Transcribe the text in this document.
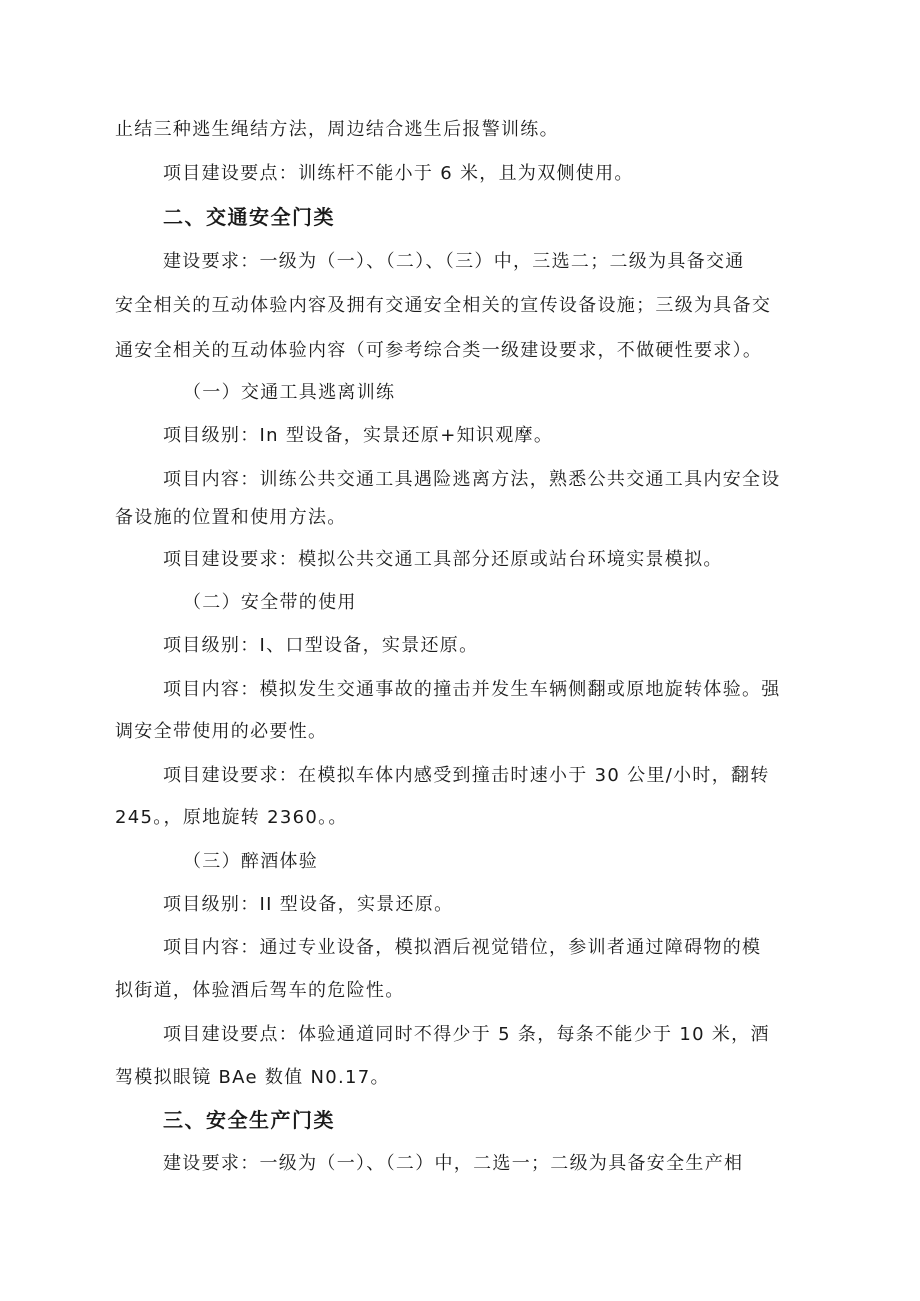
止结三种逃生绳结方法，周边结合逃生后报警训练。

项目建设要点：训练杆不能小于 6 米，且为双侧使用。

二、交通安全门类

建设要求：一级为（一）、（二）、（三）中，三选二；二级为具备交通

安全相关的互动体验内容及拥有交通安全相关的宣传设备设施；三级为具备交

通安全相关的互动体验内容（可参考综合类一级建设要求，不做硬性要求）。

（一）交通工具逃离训练

项目级别：In 型设备，实景还原+知识观摩。

项目内容：训练公共交通工具遇险逃离方法，熟悉公共交通工具内安全设

备设施的位置和使用方法。

项目建设要求：模拟公共交通工具部分还原或站台环境实景模拟。

（二）安全带的使用

项目级别：I、口型设备，实景还原。

项目内容：模拟发生交通事故的撞击并发生车辆侧翻或原地旋转体验。强

调安全带使用的必要性。

项目建设要求：在模拟车体内感受到撞击时速小于 30 公里/小时，翻转

245。，原地旋转 2360。。

（三）醉酒体验

项目级别：II 型设备，实景还原。

项目内容：通过专业设备，模拟酒后视觉错位，参训者通过障碍物的模

拟街道，体验酒后驾车的危险性。

项目建设要点：体验通道同时不得少于 5 条，每条不能少于 10 米，酒

驾模拟眼镜 BAe 数值 N0.17。

三、安全生产门类

建设要求：一级为（一）、（二）中，二选一；二级为具备安全生产相
